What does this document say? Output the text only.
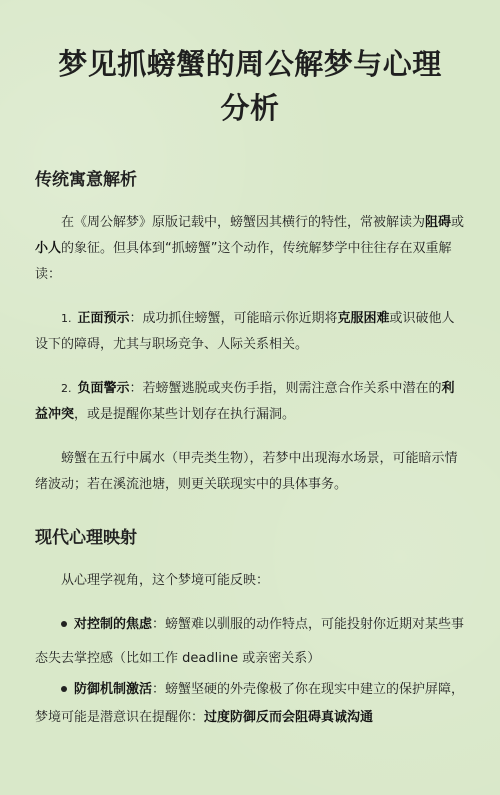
梦见抓螃蟹的周公解梦与心理
分析
传统寓意解析

在《周公解梦》原版记载中，螃蟹因其横行的特性，常被解读为阻碍或小人的象征。但具体到“抓螃蟹”这个动作，传统解梦学中往往存在双重解读：

1. 正面预示：成功抓住螃蟹，可能暗示你近期将克服困难或识破他人设下的障碍，尤其与职场竞争、人际关系相关。

2. 负面警示：若螃蟹逃脱或夹伤手指，则需注意合作关系中潜在的利益冲突，或是提醒你某些计划存在执行漏洞。

螃蟹在五行中属水（甲壳类生物），若梦中出现海水场景，可能暗示情绪波动；若在溪流池塘，则更关联现实中的具体事务。

现代心理映射

从心理学视角，这个梦境可能反映：

对控制的焦虑：螃蟹难以驯服的动作特点，可能投射你近期对某些事态失去掌控感（比如工作 deadline 或亲密关系）

防御机制激活：螃蟹坚硬的外壳像极了你在现实中建立的保护屏障，梦境可能是潜意识在提醒你：过度防御反而会阻碍真诚沟通
